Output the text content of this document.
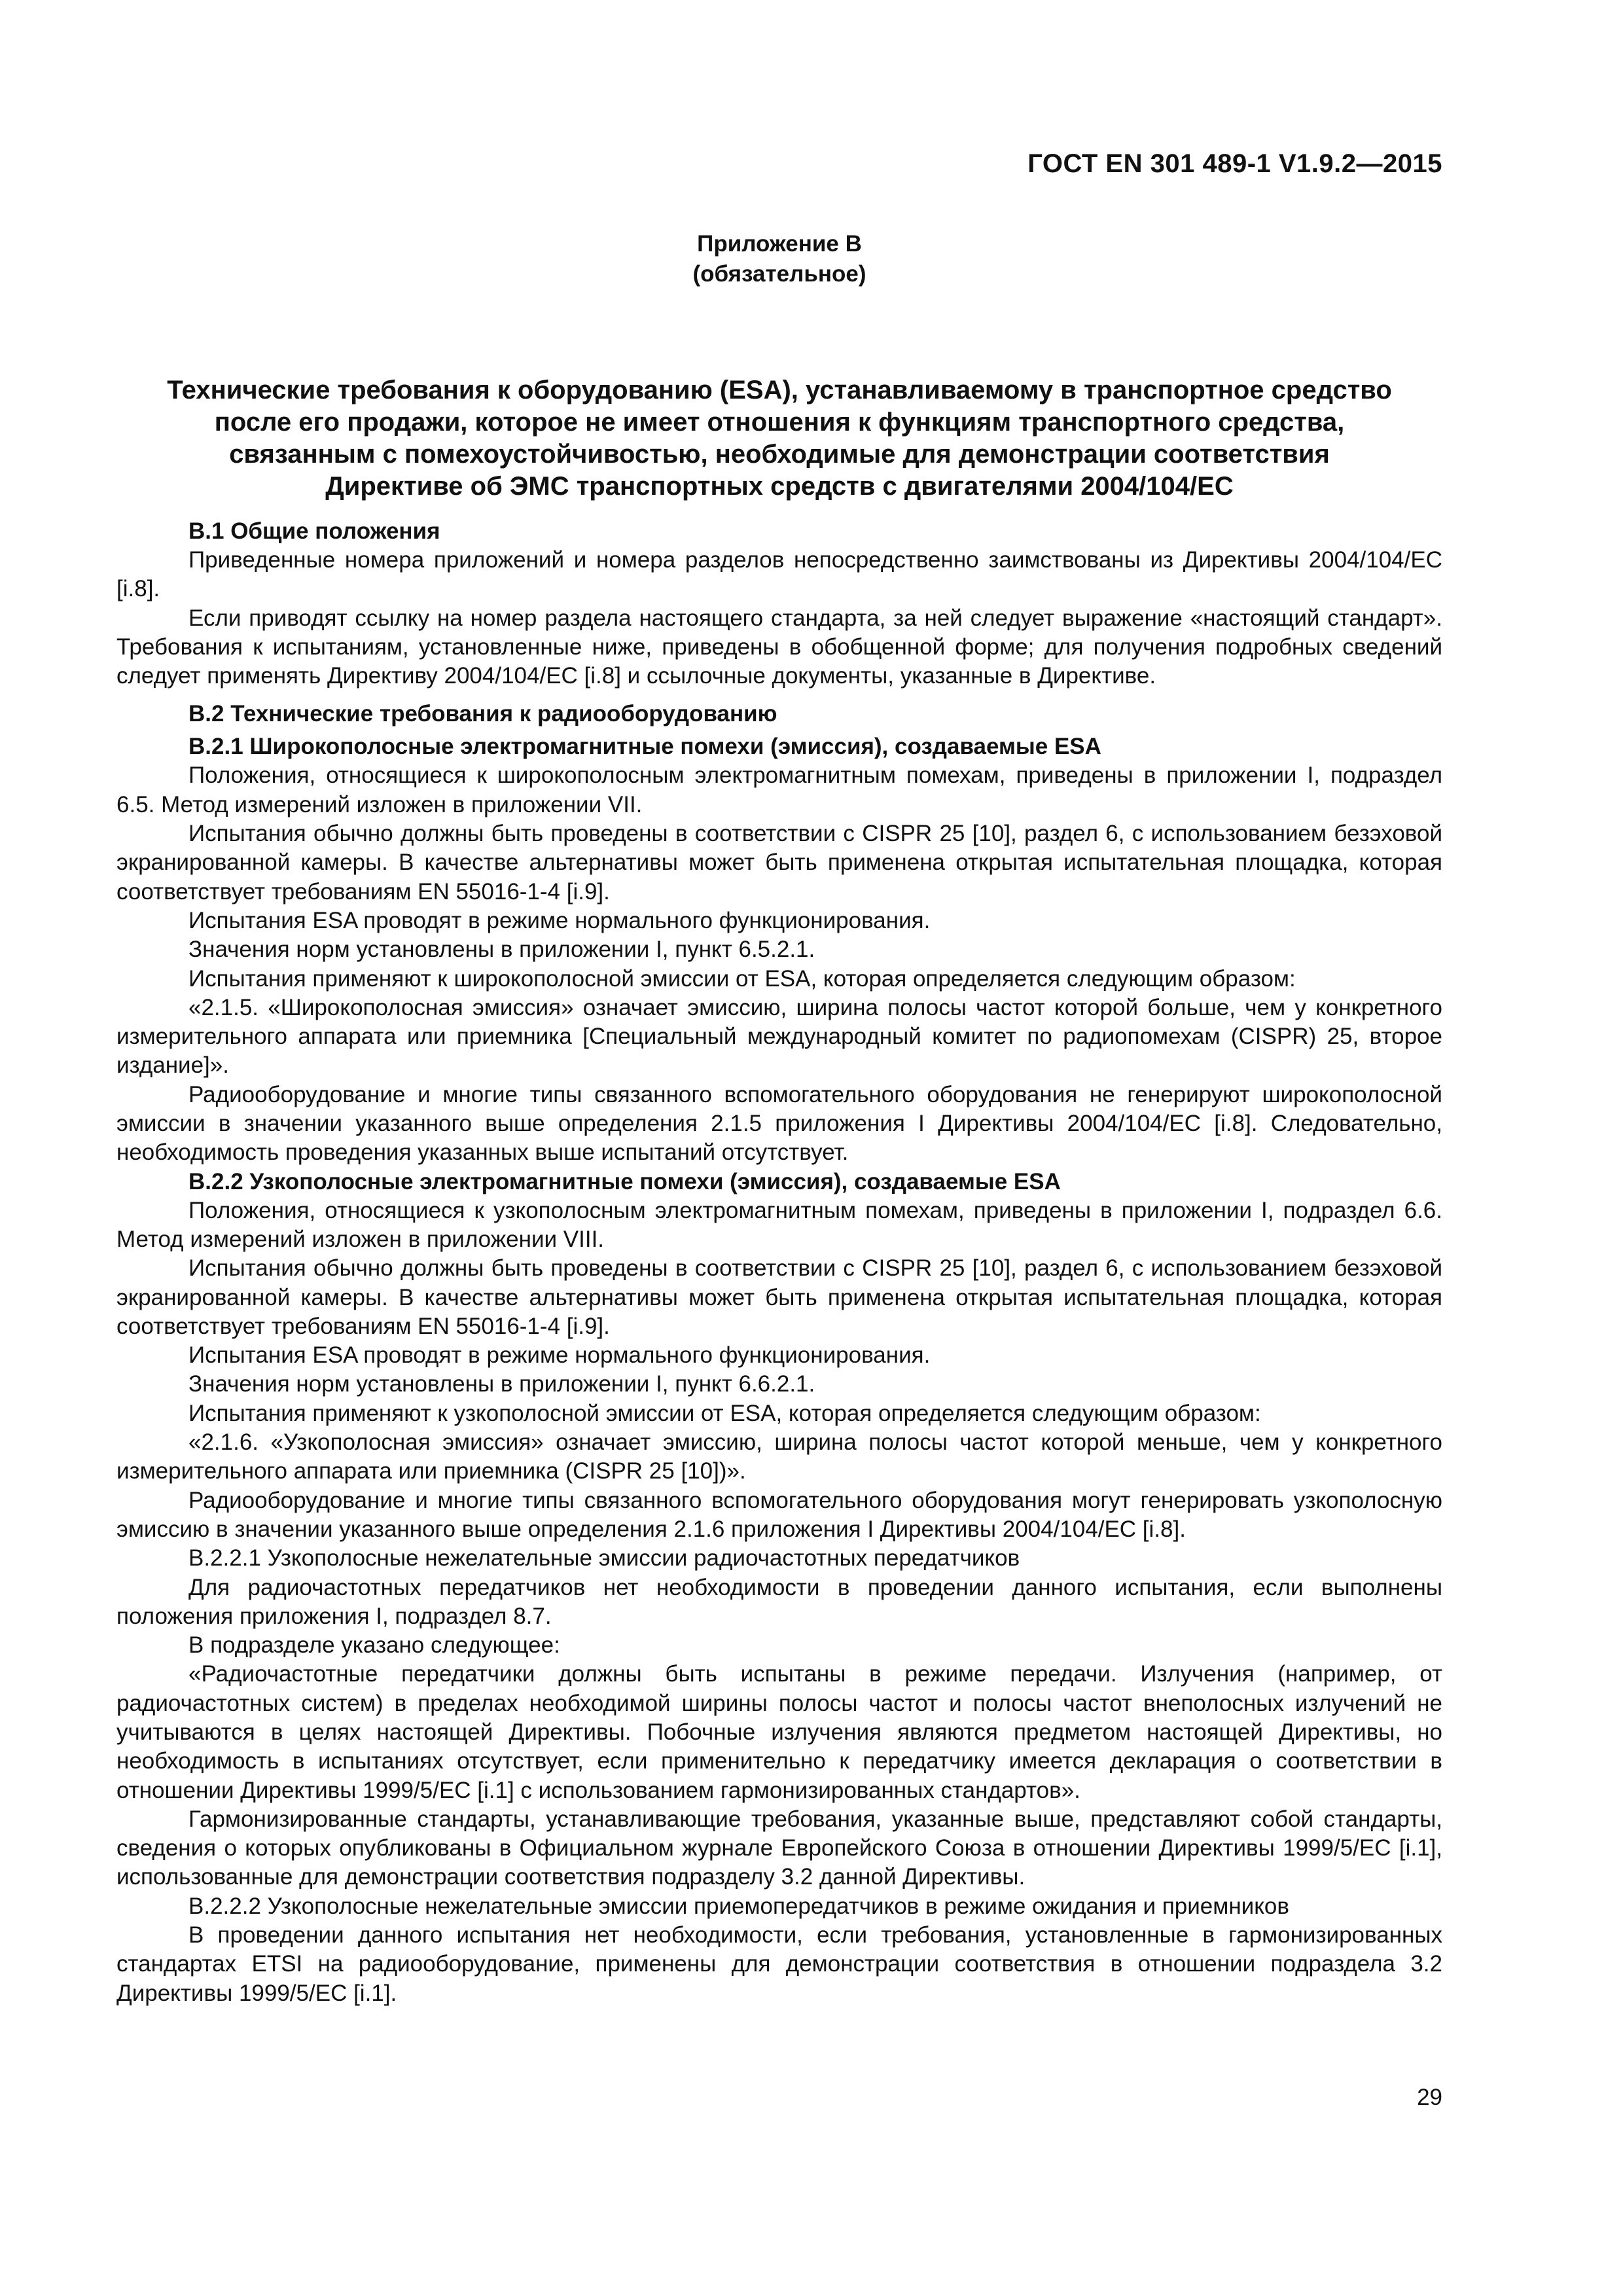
ГОСТ EN 301 489-1 V1.9.2—2015
Приложение В
(обязательное)
Технические требования к оборудованию (ESA), устанавливаемому в транспортное средство
после его продажи, которое не имеет отношения к функциям транспортного средства,
связанным с помехоустойчивостью, необходимые для демонстрации соответствия
Директиве об ЭМС транспортных средств с двигателями 2004/104/ЕС
В.1 Общие положения

Приведенные номера приложений и номера разделов непосредственно заимствованы из Директивы 2004/104/ЕС [i.8].

Если приводят ссылку на номер раздела настоящего стандарта, за ней следует выражение «настоящий стандарт». Требования к испытаниям, установленные ниже, приведены в обобщенной форме; для получения подробных сведений следует применять Директиву 2004/104/ЕС [i.8] и ссылочные документы, указанные в Директиве.

В.2 Технические требования к радиооборудованию
В.2.1 Широкополосные электромагнитные помехи (эмиссия), создаваемые ESA

Положения, относящиеся к широкополосным электромагнитным помехам, приведены в приложении I, подраздел 6.5. Метод измерений изложен в приложении VII.

Испытания обычно должны быть проведены в соответствии с CISPR 25 [10], раздел 6, с использованием безэховой экранированной камеры. В качестве альтернативы может быть применена открытая испытательная площадка, которая соответствует требованиям EN 55016-1-4 [i.9].

Испытания ESA проводят в режиме нормального функционирования.

Значения норм установлены в приложении I, пункт 6.5.2.1.

Испытания применяют к широкополосной эмиссии от ESA, которая определяется следующим образом:

«2.1.5. «Широкополосная эмиссия» означает эмиссию, ширина полосы частот которой больше, чем у конкретного измерительного аппарата или приемника [Специальный международный комитет по радиопомехам (CISPR) 25, второе издание]».

Радиооборудование и многие типы связанного вспомогательного оборудования не генерируют широкополосной эмиссии в значении указанного выше определения 2.1.5 приложения I Директивы 2004/104/ЕС [i.8]. Следовательно, необходимость проведения указанных выше испытаний отсутствует.

В.2.2 Узкополосные электромагнитные помехи (эмиссия), создаваемые ESA

Положения, относящиеся к узкополосным электромагнитным помехам, приведены в приложении I, подраздел 6.6. Метод измерений изложен в приложении VIII.

Испытания обычно должны быть проведены в соответствии с CISPR 25 [10], раздел 6, с использованием безэховой экранированной камеры. В качестве альтернативы может быть применена открытая испытательная площадка, которая соответствует требованиям EN 55016-1-4 [i.9].

Испытания ESA проводят в режиме нормального функционирования.

Значения норм установлены в приложении I, пункт 6.6.2.1.

Испытания применяют к узкополосной эмиссии от ESA, которая определяется следующим образом:

«2.1.6. «Узкополосная эмиссия» означает эмиссию, ширина полосы частот которой меньше, чем у конкретного измерительного аппарата или приемника (CISPR 25 [10])».

Радиооборудование и многие типы связанного вспомогательного оборудования могут генерировать узкополосную эмиссию в значении указанного выше определения 2.1.6 приложения I Директивы 2004/104/ЕС [i.8].

В.2.2.1 Узкополосные нежелательные эмиссии радиочастотных передатчиков

Для радиочастотных передатчиков нет необходимости в проведении данного испытания, если выполнены положения приложения I, подраздел 8.7.

В подразделе указано следующее:

«Радиочастотные передатчики должны быть испытаны в режиме передачи. Излучения (например, от радиочастотных систем) в пределах необходимой ширины полосы частот и полосы частот внеполосных излучений не учитываются в целях настоящей Директивы. Побочные излучения являются предметом настоящей Директивы, но необходимость в испытаниях отсутствует, если применительно к передатчику имеется декларация о соответствии в отношении Директивы 1999/5/ЕС [i.1] с использованием гармонизированных стандартов».

Гармонизированные стандарты, устанавливающие требования, указанные выше, представляют собой стандарты, сведения о которых опубликованы в Официальном журнале Европейского Союза в отношении Директивы 1999/5/ЕС [i.1], использованные для демонстрации соответствия подразделу 3.2 данной Директивы.

В.2.2.2 Узкополосные нежелательные эмиссии приемопередатчиков в режиме ожидания и приемников

В проведении данного испытания нет необходимости, если требования, установленные в гармонизированных стандартах ETSI на радиооборудование, применены для демонстрации соответствия в отношении подраздела 3.2 Директивы 1999/5/ЕС [i.1].

29
